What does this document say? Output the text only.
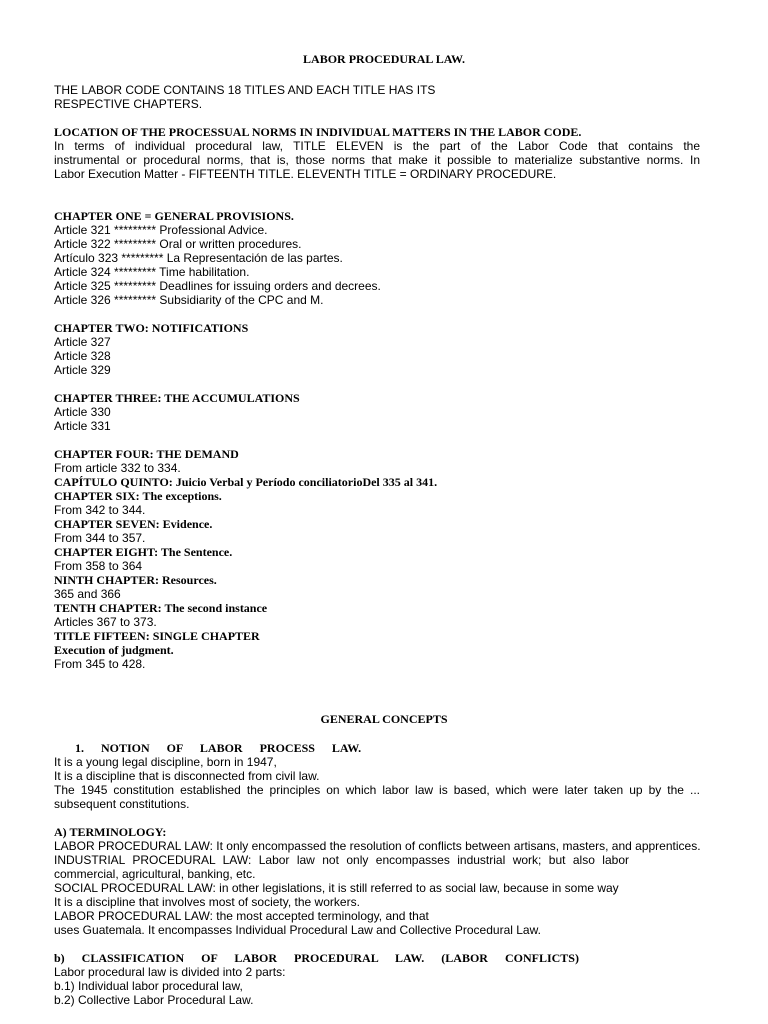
LABOR PROCEDURAL LAW.

THE LABOR CODE CONTAINS 18 TITLES AND EACH TITLE HAS ITS

RESPECTIVE CHAPTERS.

LOCATION OF THE PROCESSUAL NORMS IN INDIVIDUAL MATTERS IN THE LABOR CODE.

In terms of individual procedural law, TITLE ELEVEN is the part of the Labor Code that contains the

instrumental or procedural norms, that is, those norms that make it possible to materialize substantive norms. In

Labor Execution Matter - FIFTEENTH TITLE. ELEVENTH TITLE = ORDINARY PROCEDURE.

CHAPTER ONE = GENERAL PROVISIONS.

Article 321 ********* Professional Advice.

Article 322 ********* Oral or written procedures.

Artículo 323 ********* La Representación de las partes.

Article 324 ********* Time habilitation.

Article 325 ********* Deadlines for issuing orders and decrees.

Article 326 ********* Subsidiarity of the CPC and M.

CHAPTER TWO: NOTIFICATIONS

Article 327

Article 328

Article 329

CHAPTER THREE: THE ACCUMULATIONS

Article 330

Article 331

CHAPTER FOUR: THE DEMAND

From article 332 to 334.

CAPÍTULO QUINTO: Juicio Verbal y Período conciliatorioDel 335 al 341.

CHAPTER SIX: The exceptions.

From 342 to 344.

CHAPTER SEVEN: Evidence.

From 344 to 357.

CHAPTER EIGHT: The Sentence.

From 358 to 364

NINTH CHAPTER: Resources.

365 and 366

TENTH CHAPTER: The second instance

Articles 367 to 373.

TITLE FIFTEEN: SINGLE CHAPTER

Execution of judgment.

From 345 to 428.

GENERAL CONCEPTS

1. NOTION OF LABOR PROCESS LAW.

It is a young legal discipline, born in 1947,

It is a discipline that is disconnected from civil law.

The 1945 constitution established the principles on which labor law is based, which were later taken up by the ...

subsequent constitutions.

A) TERMINOLOGY:

LABOR PROCEDURAL LAW: It only encompassed the resolution of conflicts between artisans, masters, and apprentices.

INDUSTRIAL PROCEDURAL LAW: Labor law not only encompasses industrial work; but also labor

commercial, agricultural, banking, etc.

SOCIAL PROCEDURAL LAW: in other legislations, it is still referred to as social law, because in some way

It is a discipline that involves most of society, the workers.

LABOR PROCEDURAL LAW: the most accepted terminology, and that

uses Guatemala. It encompasses Individual Procedural Law and Collective Procedural Law.

b) CLASSIFICATION OF LABOR PROCEDURAL LAW. (LABOR CONFLICTS)

Labor procedural law is divided into 2 parts:

b.1) Individual labor procedural law,

b.2) Collective Labor Procedural Law.
